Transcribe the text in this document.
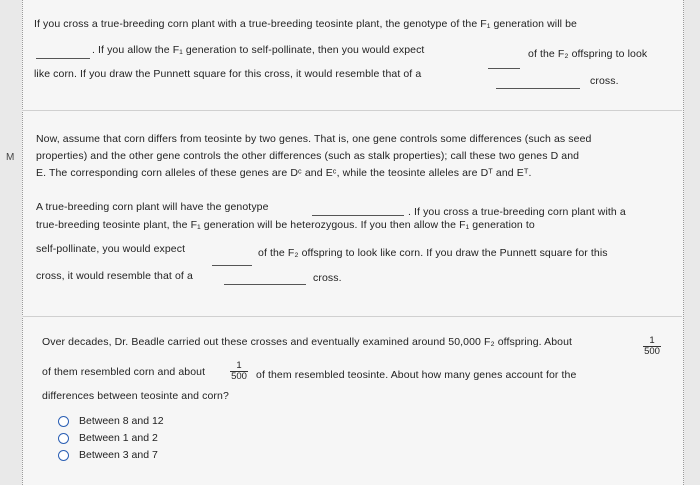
M
If you cross a true-breeding corn plant with a true-breeding teosinte plant, the genotype of the F₁ generation will be
. If you allow the F₁ generation to self-pollinate, then you would expect	of the F₂ offspring to look
like corn. If you draw the Punnett square for this cross, it would resemble that of a
cross.
Now, assume that corn differs from teosinte by two genes. That is, one gene controls some differences (such as seed
properties) and the other gene controls the other differences (such as stalk properties); call these two genes D and
E. The corresponding corn alleles of these genes are Dᶜ and Eᶜ, while the teosinte alleles are Dᵀ and Eᵀ.
A true-breeding corn plant will have the genotype	. If you cross a true-breeding corn plant with a
true-breeding teosinte plant, the F₁ generation will be heterozygous. If you then allow the F₁ generation to
self-pollinate, you would expect	of the F₂ offspring to look like corn. If you draw the Punnett square for this
cross, it would resemble that of a	cross.
Over decades, Dr. Beadle carried out these crosses and eventually examined around 50,000 F₂ offspring. About	$\frac{1}{500}$
of them resembled corn and about	$\frac{1}{500}$ of them resembled teosinte. About how many genes account for the
differences between teosinte and corn?
Between 8 and 12
Between 1 and 2
Between 3 and 7
